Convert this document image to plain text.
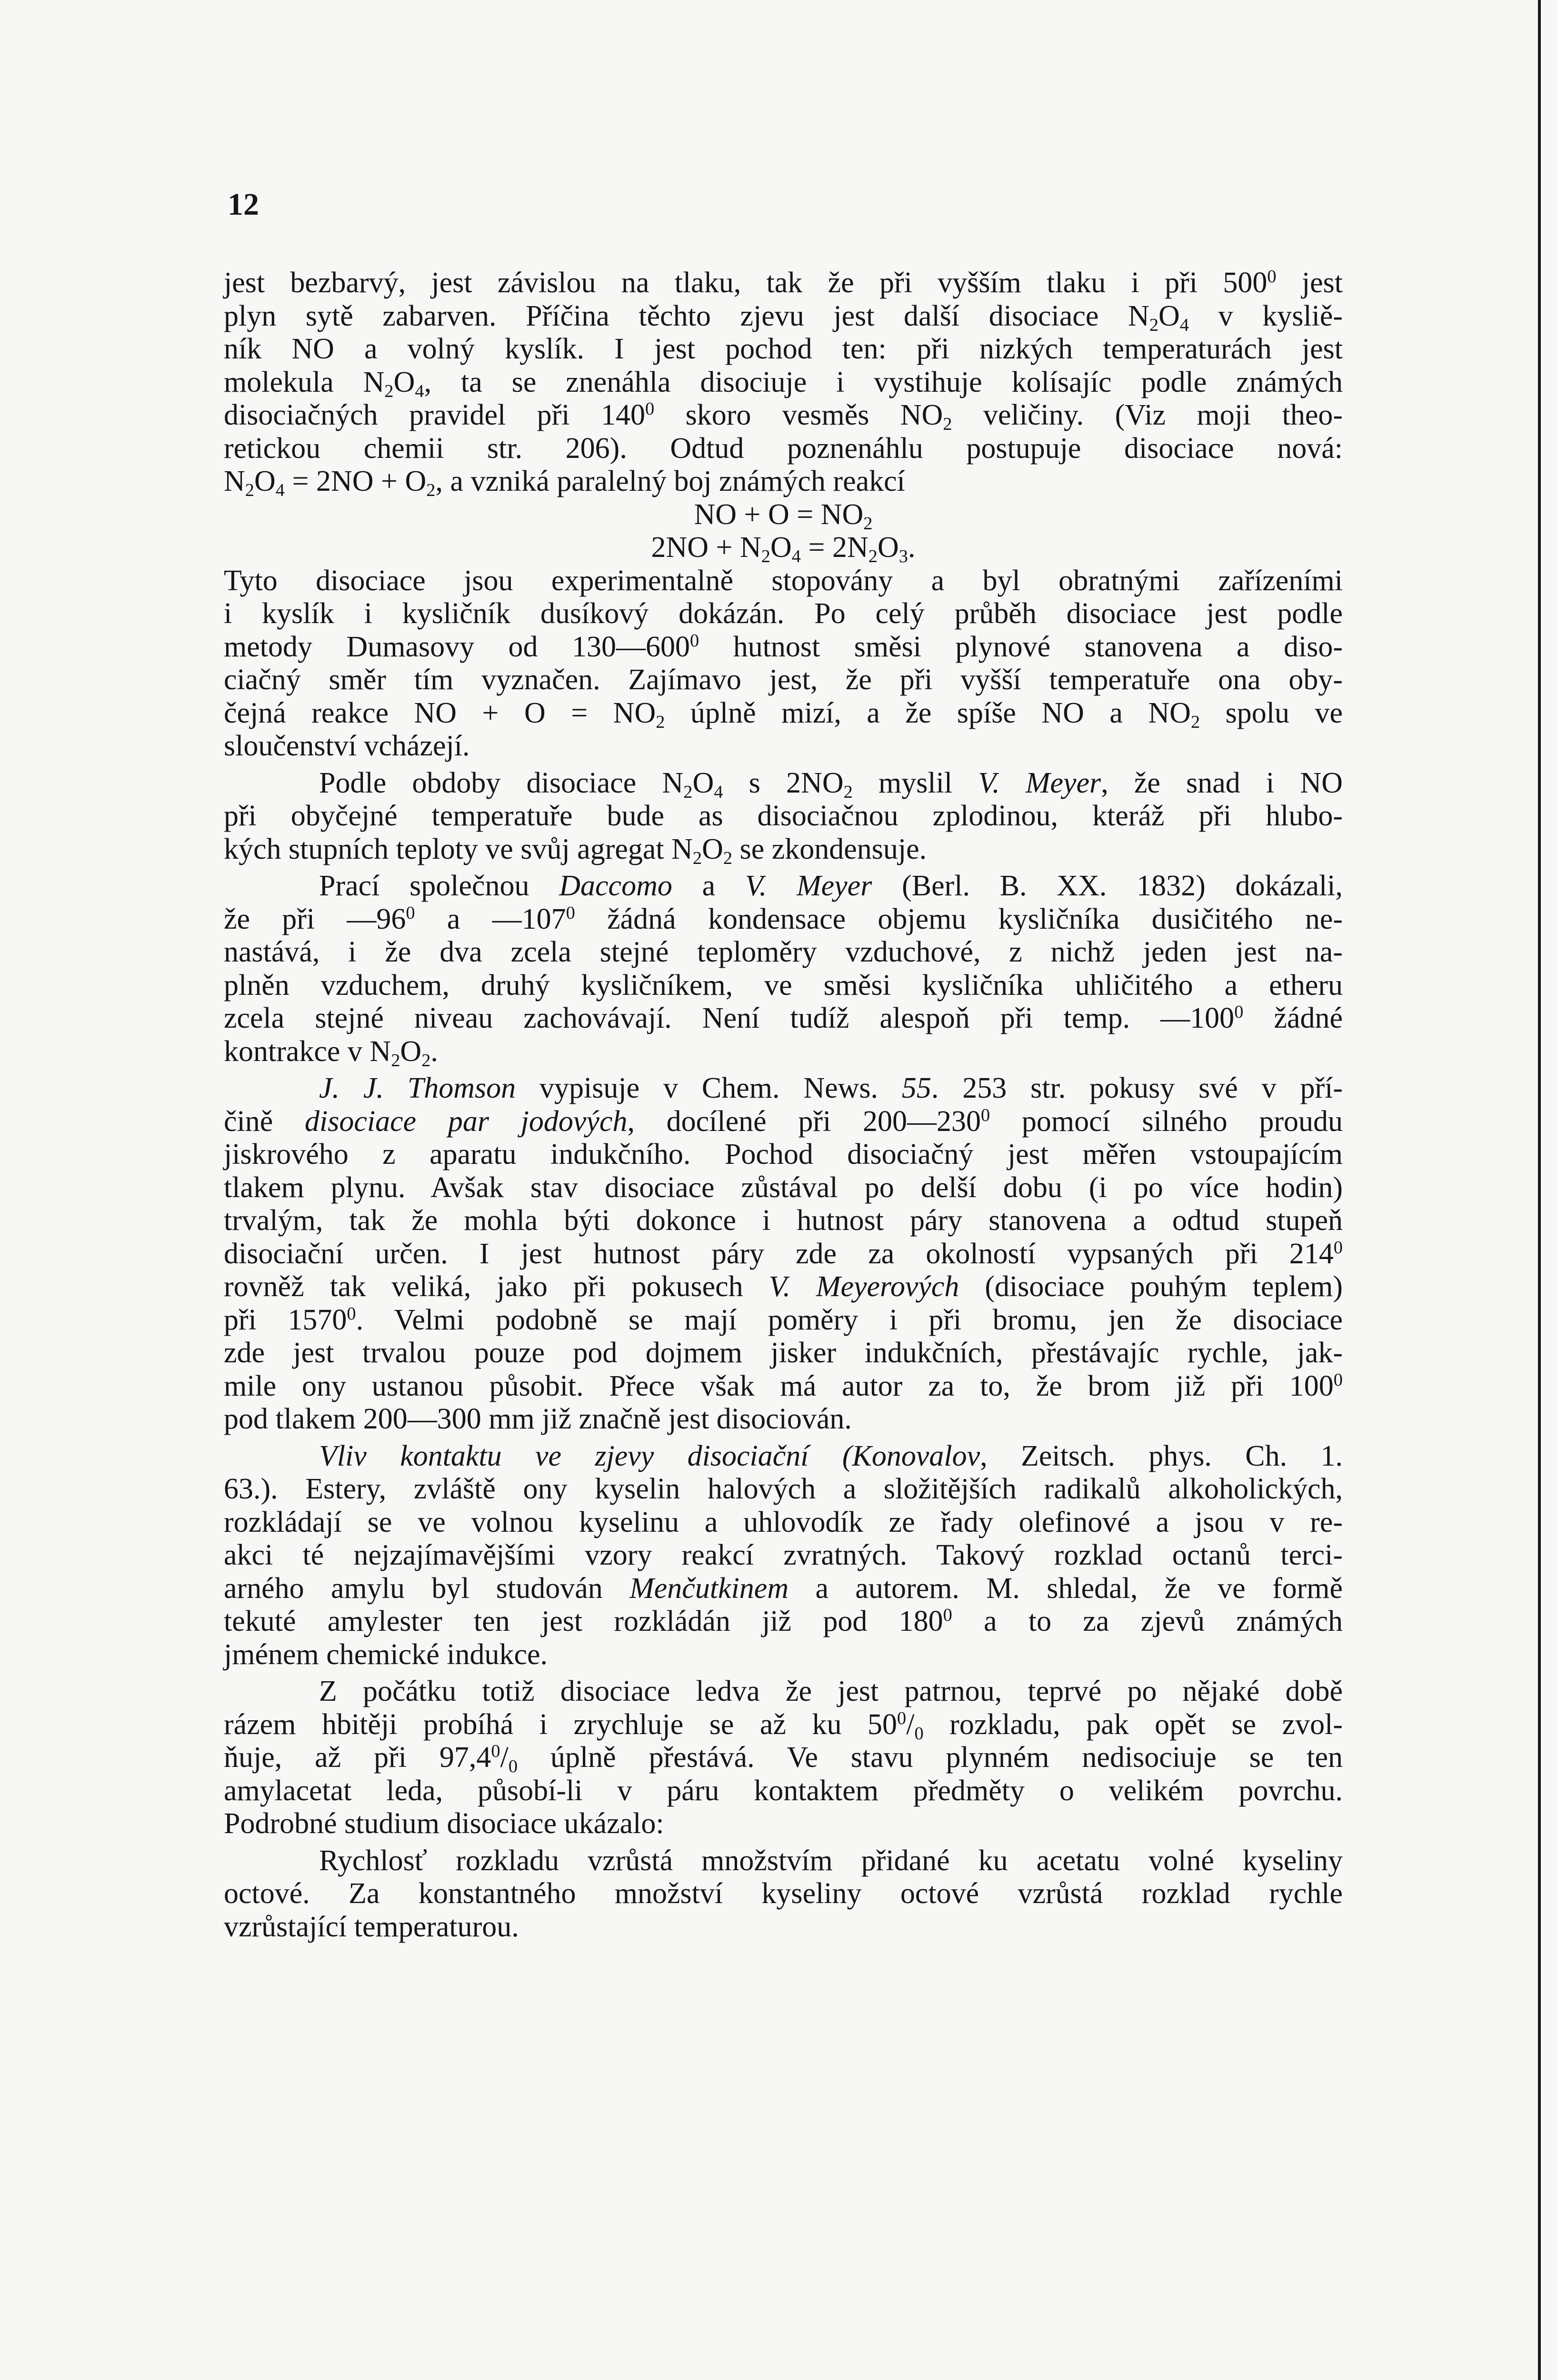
12

jest bezbarvý, jest závislou na tlaku, tak že při vyšším tlaku i při $500^0$ jest

plyn sytě zabarven. Příčina těchto zjevu jest další disociace $N_2O_4$ v kysliě-

ník NO a volný kyslík. I jest pochod ten: při nizkých temperaturách jest

molekula $N_2O_4$, ta se znenáhla disociuje i vystihuje kolísajíc podle známých

disociačných pravidel při $140^0$ skoro vesměs $NO_2$ veličiny. (Viz moji theo-

retickou chemii str. 206). Odtud poznenáhlu postupuje disociace nová:

$N_2O_4 = 2NO + O_2$, a vzniká paralelný boj známých reakcí

NO + $O = NO_2$

$2NO + N_2O_4 = 2N_2O_3$.

Tyto disociace jsou experimentalně stopovány a byl obratnými zařízeními

i kyslík i kysličník dusíkový dokázán. Po celý průběh disociace jest podle

metody Dumasovy od $130—600^0$ hutnost směsi plynové stanovena a diso-

ciačný směr tím vyznačen. Zajímavo jest, že při vyšší temperatuře ona oby-

čejná reakce NO + $O = NO_2$ úplně mizí, a že spíše NO a $NO_2$ spolu ve

sloučenství vcházejí.

Podle obdoby disociace $N_2O_4$ s $2NO_2$ myslil V. Meyer, že snad i NO

při obyčejné temperatuře bude as disociačnou zplodinou, kteráž při hlubo-

kých stupních teploty ve svůj agregat $N_2O_2$ se zkondensuje.

Prací společnou Daccomo a V. Meyer (Berl. B. XX. 1832) dokázali,

že při $—96^0$ a $—107^0$ žádná kondensace objemu kysličníka dusičitého ne-

nastává, i že dva zcela stejné teploměry vzduchové, z nichž jeden jest na-

plněn vzduchem, druhý kysličníkem, ve směsi kysličníka uhličitého a etheru

zcela stejné niveau zachovávají. Není tudíž alespoň při temp. $—100^0$ žádné

kontrakce v $N_2O_2$.

J. J. Thomson vypisuje v Chem. News. 55. 253 str. pokusy své v pří-

čině disociace par jodových, docílené při $200—230^0$ pomocí silného proudu

jiskrového z aparatu indukčního. Pochod disociačný jest měřen vstoupajícím

tlakem plynu. Avšak stav disociace zůstával po delší dobu (i po více hodin)

trvalým, tak že mohla býti dokonce i hutnost páry stanovena a odtud stupeň

disociační určen. I jest hutnost páry zde za okolností vypsaných při $214^0$

rovněž tak veliká, jako při pokusech V. Meyerových (disociace pouhým teplem)

při 1570$^0$. Velmi podobně se mají poměry i při bromu, jen že disociace

zde jest trvalou pouze pod dojmem jisker indukčních, přestávajíc rychle, jak-

mile ony ustanou působit. Přece však má autor za to, že brom již při $100^0$

pod tlakem 200—300 mm již značně jest disociován.

Vliv kontaktu ve zjevy disociační (Konovalov, Zeitsch. phys. Ch. 1.

63.). Estery, zvláště ony kyselin halových a složitějších radikalů alkoholických,

rozkládají se ve volnou kyselinu a uhlovodík ze řady olefinové a jsou v re-

akci té nejzajímavějšími vzory reakcí zvratných. Takový rozklad octanů terci-

arného amylu byl studován Menčutkinem a autorem. M. shledal, že ve formě

tekuté amylester ten jest rozkládán již pod $180^0$ a to za zjevů známých

jménem chemické indukce.

Z počátku totiž disociace ledva že jest patrnou, teprvé po nějaké době

rázem hbitěji probíhá i zrychluje se až ku $50^0/_0$ rozkladu, pak opět se zvol-

ňuje, až při $97,4^0/_0$ úplně přestává. Ve stavu plynném nedisociuje se ten

amylacetat leda, působí-li v páru kontaktem předměty o velikém povrchu.

Podrobné studium disociace ukázalo:

Rychlosť rozkladu vzrůstá množstvím přidané ku acetatu volné kyseliny

octové. Za konstantného množství kyseliny octové vzrůstá rozklad rychle

vzrůstající temperaturou.
